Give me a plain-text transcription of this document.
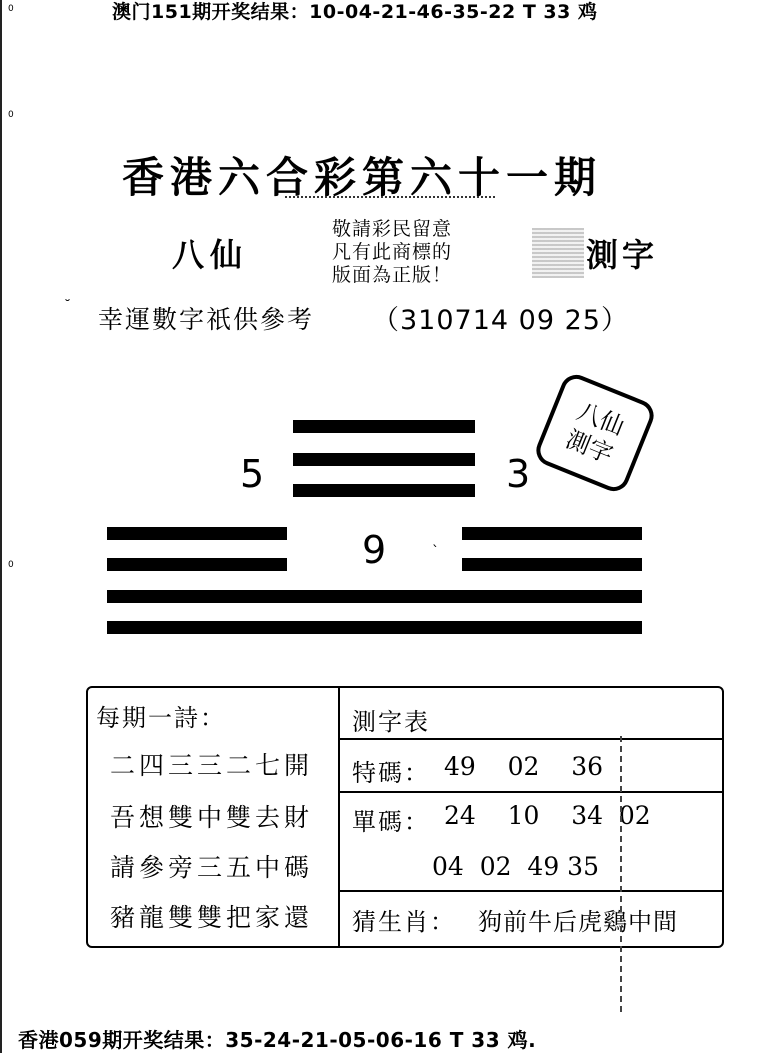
0
0
0
澳门151期开奖结果：10-04-21-46-35-22 T 33 鸡
香港六合彩第六十一期
八仙
敬請彩民留意
凡有此商標的
版面為正版！
測字
˘ 幸運數字祇供參考 （310714 09 25）
5	3
9	ˋ
八仙
測字
每期一詩：
二四三三二七開
吾想雙中雙去財
請參旁三五中碼
豬龍雙雙把家還
測字表
特碼： 49    02    36
單碼： 24    10    34  02
04  02  49 35
猜生肖： 狗前牛后虎鷄中間
香港059期开奖结果：35-24-21-05-06-16 T 33 鸡.
